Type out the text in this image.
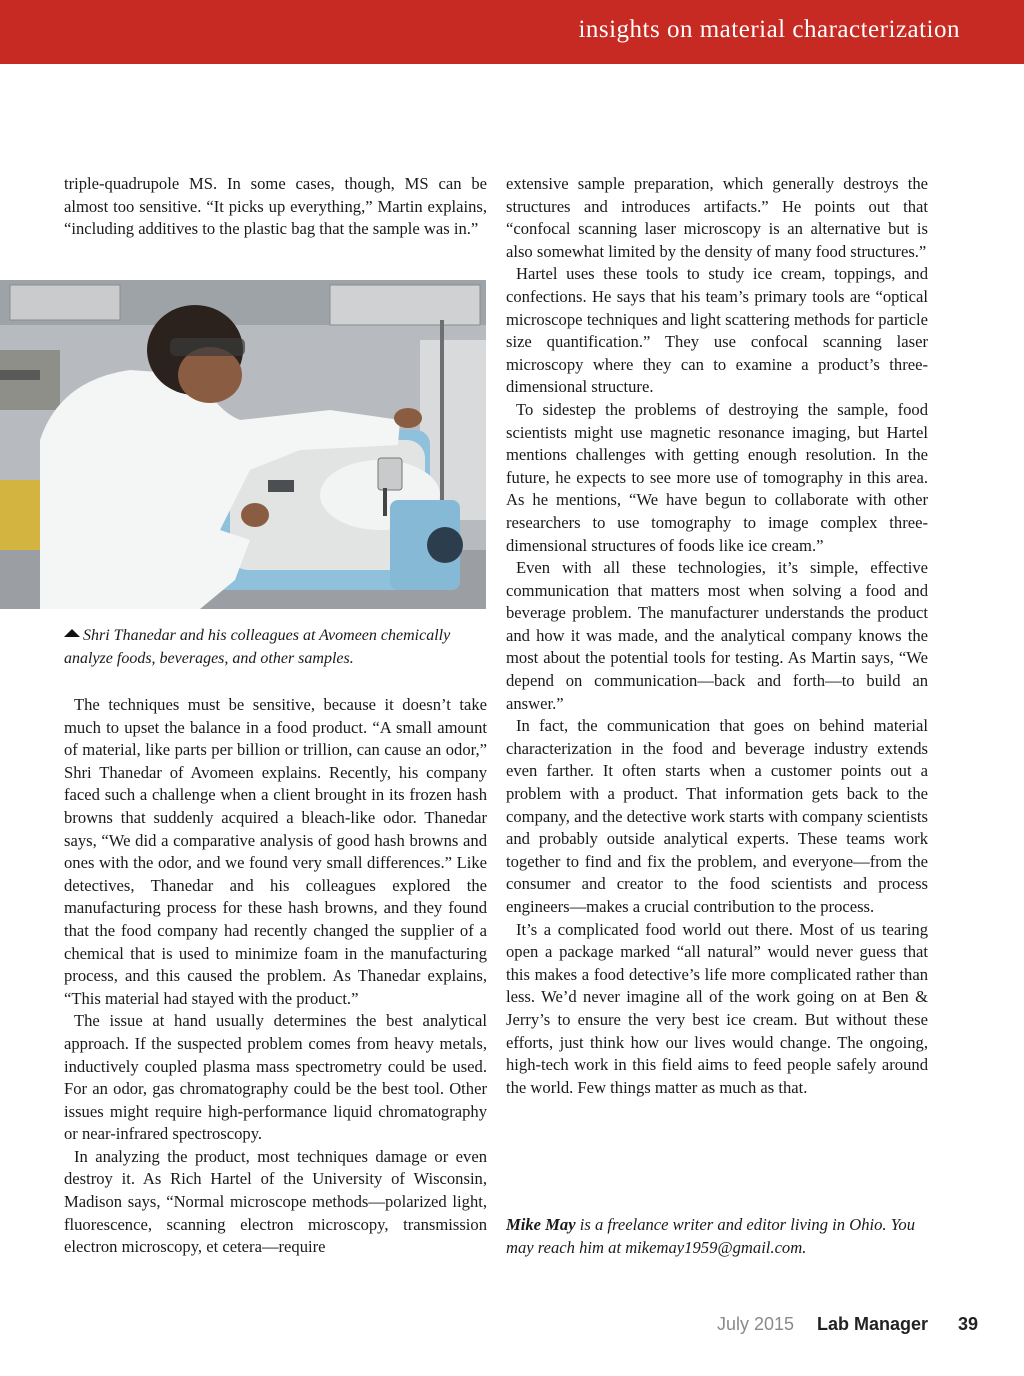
insights on material characterization

triple-quadrupole MS. In some cases, though, MS can be almost too sensitive. “It picks up everything,” Martin explains, “including additives to the plastic bag that the sample was in.”

Shri Thanedar and his colleagues at Avomeen chemically analyze foods, beverages, and other samples.

The techniques must be sensitive, because it doesn’t take much to upset the balance in a food product. “A small amount of material, like parts per billion or trillion, can cause an odor,” Shri Thanedar of Avomeen explains. Recently, his company faced such a challenge when a client brought in its frozen hash browns that suddenly acquired a bleach-like odor. Thanedar says, “We did a comparative analysis of good hash browns and ones with the odor, and we found very small differences.” Like detectives, Thanedar and his colleagues explored the manufacturing process for these hash browns, and they found that the food company had recently changed the supplier of a chemical that is used to minimize foam in the manufacturing process, and this caused the problem. As Thanedar explains, “This material had stayed with the product.”

The issue at hand usually determines the best analytical approach. If the suspected problem comes from heavy metals, inductively coupled plasma mass spectrometry could be used. For an odor, gas chromatography could be the best tool. Other issues might require high-performance liquid chromatography or near-infrared spectroscopy.

In analyzing the product, most techniques damage or even destroy it. As Rich Hartel of the University of Wisconsin, Madison says, “Normal microscope methods—polarized light, fluorescence, scanning electron microscopy, transmission electron microscopy, et cetera—require

extensive sample preparation, which generally destroys the structures and introduces artifacts.” He points out that “confocal scanning laser microscopy is an alternative but is also somewhat limited by the density of many food structures.”

Hartel uses these tools to study ice cream, toppings, and confections. He says that his team’s primary tools are “optical microscope techniques and light scattering methods for particle size quantification.” They use confocal scanning laser microscopy where they can to examine a product’s three-dimensional structure.

To sidestep the problems of destroying the sample, food scientists might use magnetic resonance imaging, but Hartel mentions challenges with getting enough resolution. In the future, he expects to see more use of tomography in this area. As he mentions, “We have begun to collaborate with other researchers to use tomography to image complex three-dimensional structures of foods like ice cream.”

Even with all these technologies, it’s simple, effective communication that matters most when solving a food and beverage problem. The manufacturer understands the product and how it was made, and the analytical company knows the most about the potential tools for testing. As Martin says, “We depend on communication—back and forth—to build an answer.”

In fact, the communication that goes on behind material characterization in the food and beverage industry extends even farther. It often starts when a customer points out a problem with a product. That information gets back to the company, and the detective work starts with company scientists and probably outside analytical experts. These teams work together to find and fix the problem, and everyone—from the consumer and creator to the food scientists and process engineers—makes a crucial contribution to the process.

It’s a complicated food world out there. Most of us tearing open a package marked “all natural” would never guess that this makes a food detective’s life more complicated rather than less. We’d never imagine all of the work going on at Ben & Jerry’s to ensure the very best ice cream. But without these efforts, just think how our lives would change. The ongoing, high-tech work in this field aims to feed people safely around the world. Few things matter as much as that.

Mike May is a freelance writer and editor living in Ohio. You may reach him at mikemay1959@gmail.com.
July 2015 Lab Manager 39
